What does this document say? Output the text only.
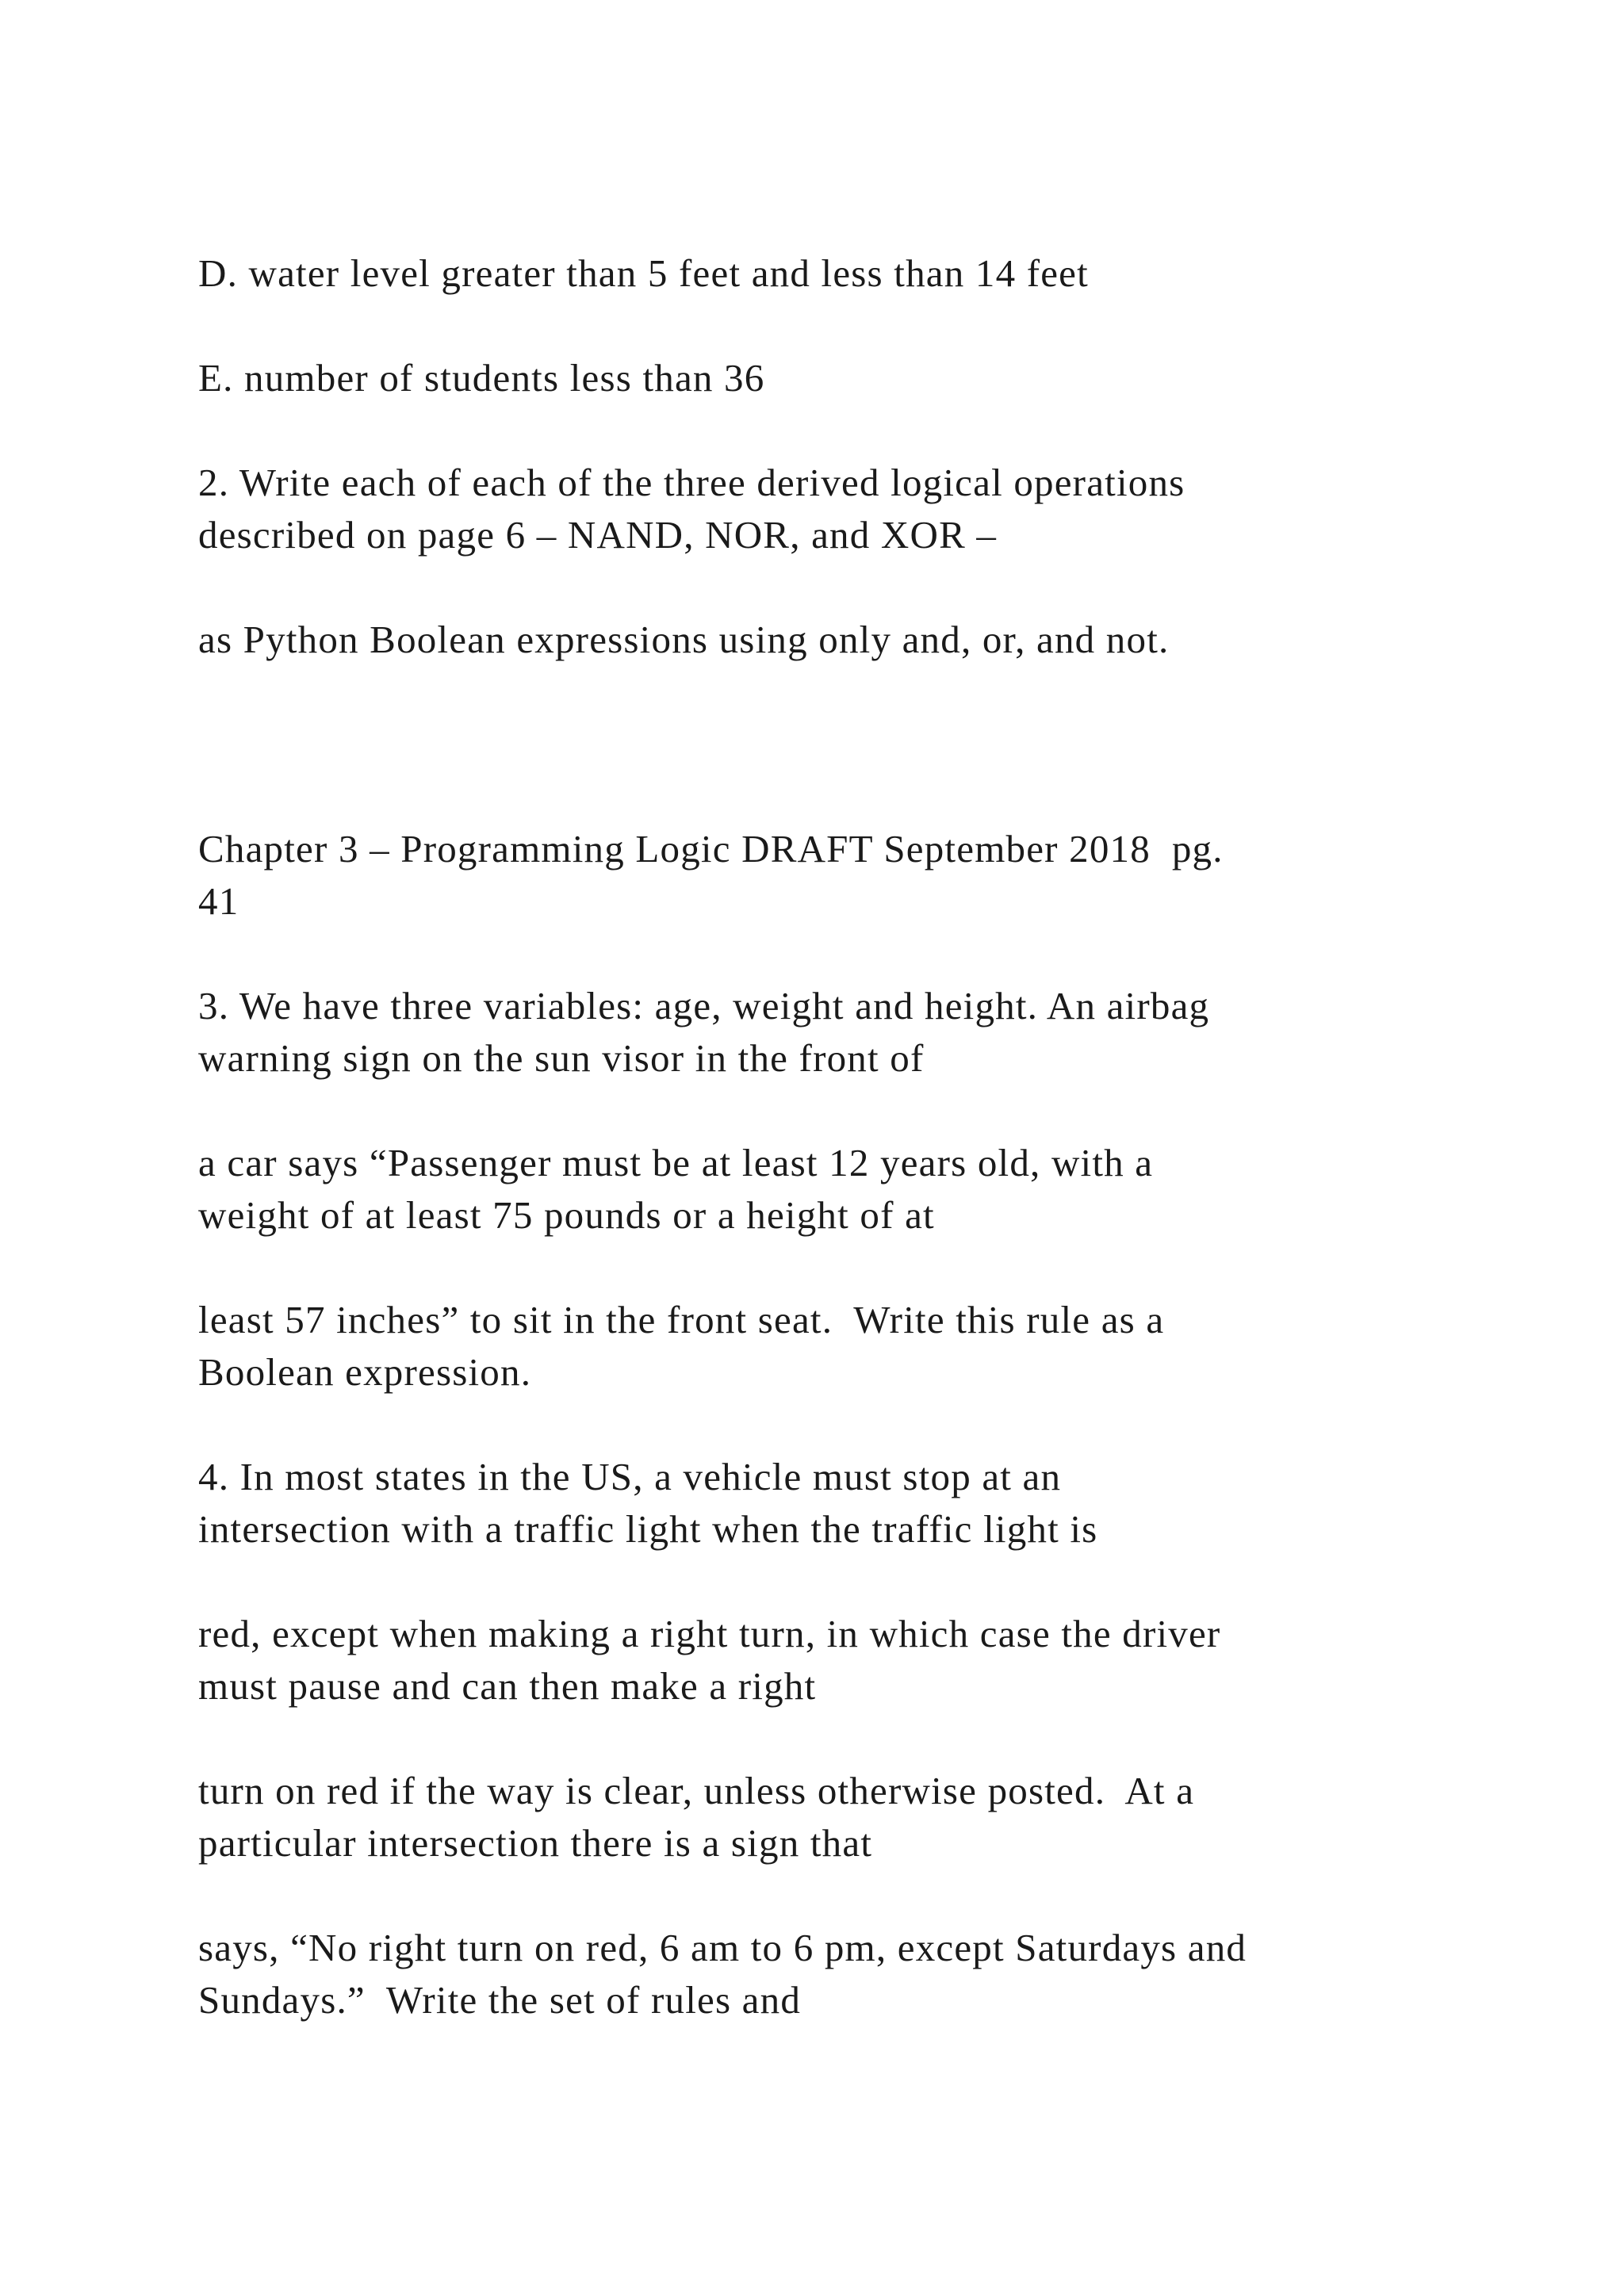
D. water level greater than 5 feet and less than 14 feet

E. number of students less than 36

2. Write each of each of the three derived logical operations
described on page 6 – NAND, NOR, and XOR –

as Python Boolean expressions using only and, or, and not.

Chapter 3 – Programming Logic DRAFT September 2018  pg.
41

3. We have three variables: age, weight and height. An airbag
warning sign on the sun visor in the front of

a car says “Passenger must be at least 12 years old, with a
weight of at least 75 pounds or a height of at

least 57 inches” to sit in the front seat.  Write this rule as a
Boolean expression.

4. In most states in the US, a vehicle must stop at an
intersection with a traffic light when the traffic light is

red, except when making a right turn, in which case the driver
must pause and can then make a right

turn on red if the way is clear, unless otherwise posted.  At a
particular intersection there is a sign that

says, “No right turn on red, 6 am to 6 pm, except Saturdays and
Sundays.”  Write the set of rules and
